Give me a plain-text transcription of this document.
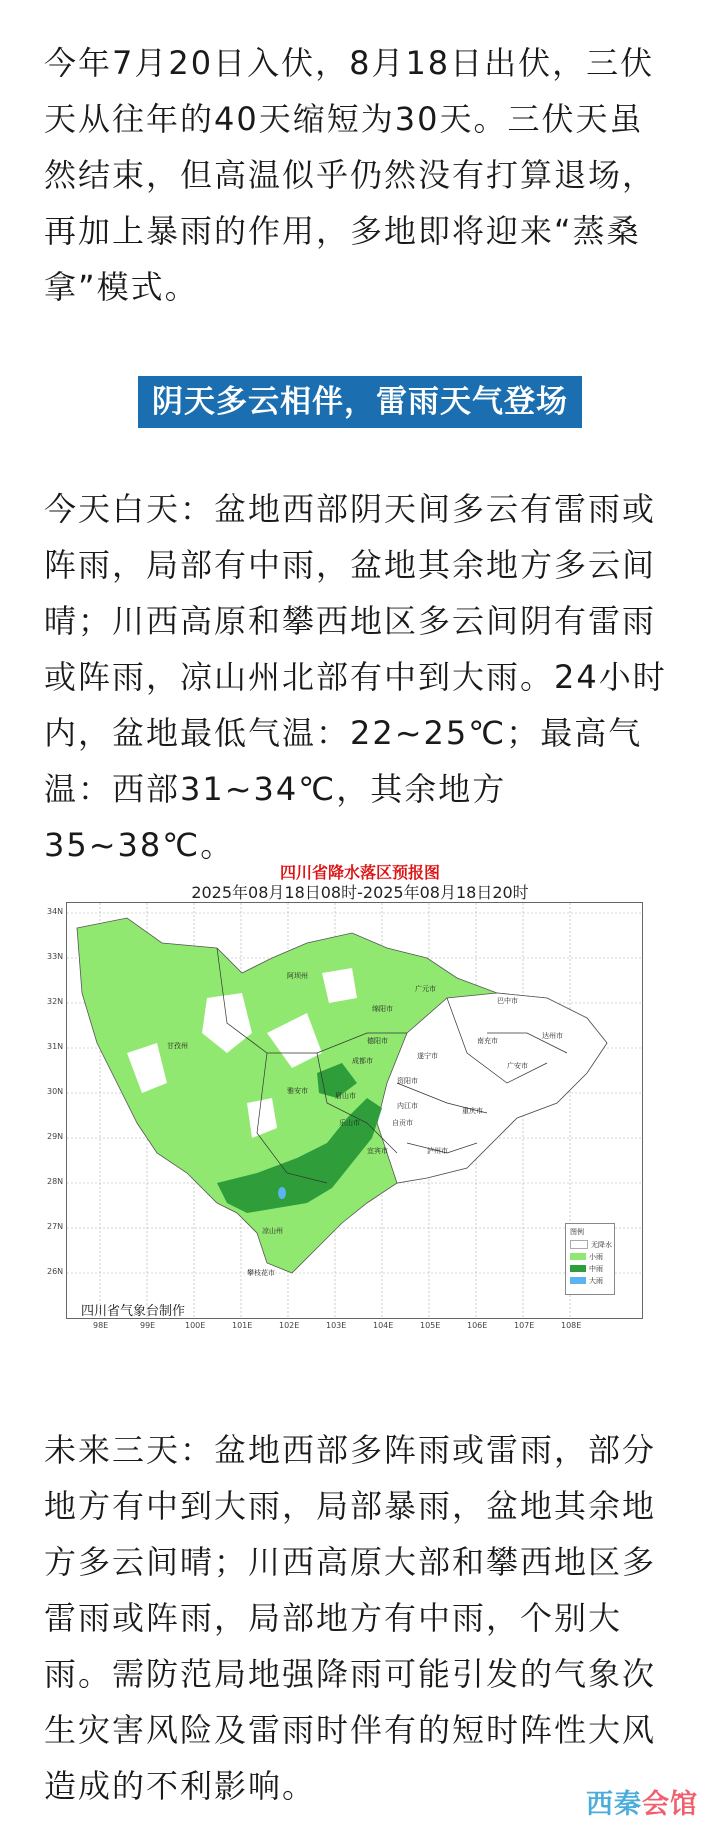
今年7月20日入伏，8月18日出伏，三伏天从往年的40天缩短为30天。三伏天虽然结束，但高温似乎仍然没有打算退场，再加上暴雨的作用，多地即将迎来“蒸桑拿”模式。

阴天多云相伴，雷雨天气登场

今天白天：盆地西部阴天间多云有雷雨或阵雨，局部有中雨，盆地其余地方多云间晴；川西高原和攀西地区多云间阴有雷雨或阵雨，凉山州北部有中到大雨。24小时内，盆地最低气温：22~25℃；最高气温：西部31~34℃，其余地方35~38℃。

四川省降水落区预报图
2025年08月18日08时-2025年08月18日20时
阿坝州
甘孜州
绵阳市
广元市
巴中市
达州市
南充市
德阳市
成都市
遂宁市
广安市
资阳市
雅安市
眉山市
内江市
乐山市	自贡市
重庆市
宜宾市	泸州市
凉山州
攀枝花市
34N
33N
32N
31N
30N
29N
28N
27N
26N
98E	99E	100E	101E	102E	103E	104E	105E	106E	107E	108E
四川省气象台制作
图例
无降水
小雨
中雨
大雨

未来三天：盆地西部多阵雨或雷雨，部分地方有中到大雨，局部暴雨，盆地其余地方多云间晴；川西高原大部和攀西地区多雷雨或阵雨，局部地方有中雨，个别大雨。需防范局地强降雨可能引发的气象次生灾害风险及雷雨时伴有的短时阵性大风造成的不利影响。	西秦会馆
